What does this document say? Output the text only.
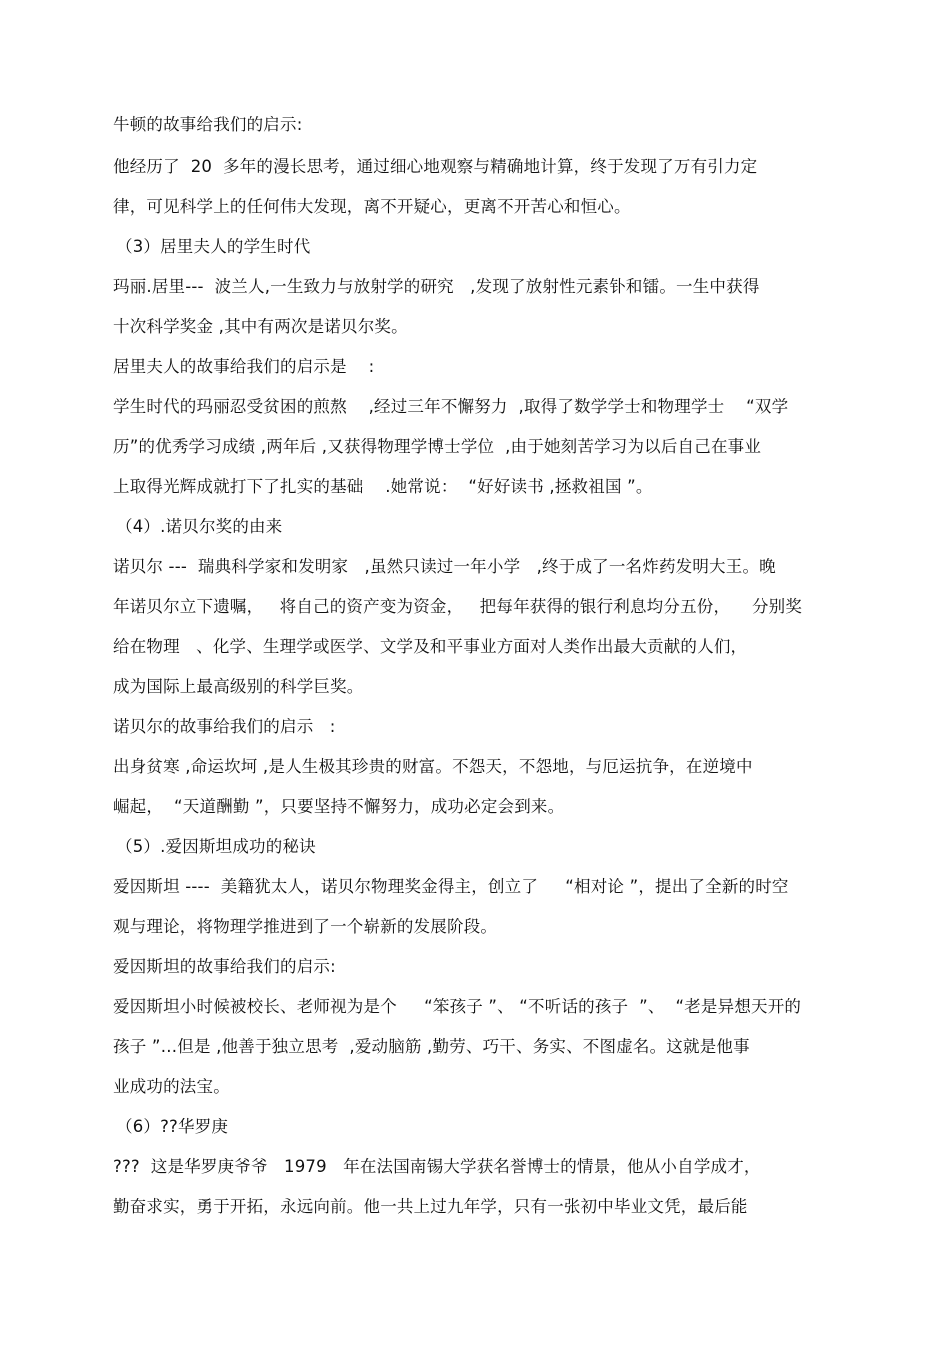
牛顿的故事给我们的启示:
他经历了  20  多年的漫长思考，通过细心地观察与精确地计算，终于发现了万有引力定
律，可见科学上的任何伟大发现，离不开疑心，更离不开苦心和恒心。
（3）居里夫人的学生时代
玛丽.居里---  波兰人,一生致力与放射学的研究   ,发现了放射性元素钋和镭。一生中获得
十次科学奖金 ,其中有两次是诺贝尔奖。
居里夫人的故事给我们的启示是    :
学生时代的玛丽忍受贫困的煎熬    ,经过三年不懈努力  ,取得了数学学士和物理学士    “双学
历”的优秀学习成绩 ,两年后 ,又获得物理学博士学位  ,由于她刻苦学习为以后自己在事业
上取得光辉成就打下了扎实的基础    .她常说：  “好好读书 ,拯救祖国 ”。
（4）.诺贝尔奖的由来
诺贝尔 ---  瑞典科学家和发明家   ,虽然只读过一年小学   ,终于成了一名炸药发明大王。晚
年诺贝尔立下遗嘱，   将自己的资产变为资金，   把每年获得的银行利息均分五份，    分别奖
给在物理   、化学、生理学或医学、文学及和平事业方面对人类作出最大贡献的人们，
成为国际上最高级别的科学巨奖。
诺贝尔的故事给我们的启示   :
出身贫寒 ,命运坎坷 ,是人生极其珍贵的财富。不怨天，不怨地，与厄运抗争，在逆境中
崛起，  “天道酬勤 ”，只要坚持不懈努力，成功必定会到来。
（5）.爱因斯坦成功的秘诀
爱因斯坦 ----  美籍犹太人，诺贝尔物理奖金得主，创立了     “相对论 ”，提出了全新的时空
观与理论，将物理学推进到了一个崭新的发展阶段。
爱因斯坦的故事给我们的启示:
爱因斯坦小时候被校长、老师视为是个     “笨孩子 ”、 “不听话的孩子  ”、  “老是异想天开的
孩子 ”…但是 ,他善于独立思考  ,爱动脑筋 ,勤劳、巧干、务实、不图虚名。这就是他事
业成功的法宝。
（6）??华罗庚
???  这是华罗庚爷爷   1979   年在法国南锡大学获名誉博士的情景，他从小自学成才，
勤奋求实，勇于开拓，永远向前。他一共上过九年学，只有一张初中毕业文凭，最后能
